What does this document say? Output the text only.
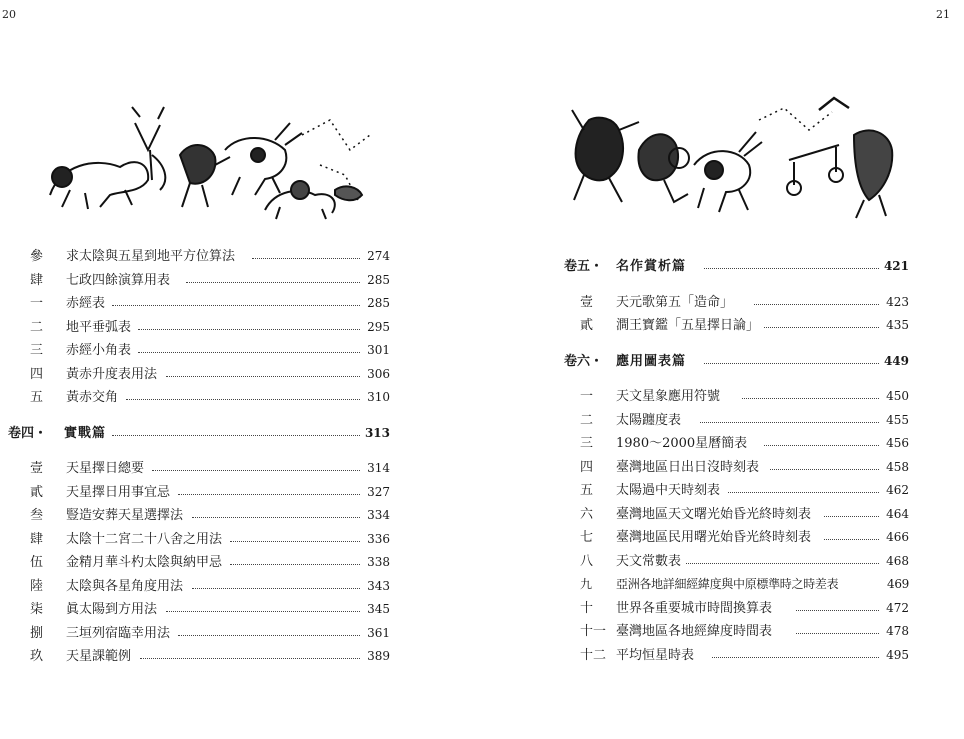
20
參 求太陰與五星到地平方位算法	274
肆 七政四餘演算用表	285
一 赤經表	285
二 地平垂弧表	295
三 赤經小角表	301
四 黃赤升度表用法	306
五 黃赤交角	310
卷四・ 實戰篇	313
壹 天星擇日總要	314
貳 天星擇日用事宜忌	327
叁 豎造安葬天星選擇法	334
肆 太陰十二宮二十八舍之用法	336
伍 金精月華斗杓太陰與納甲忌	338
陸 太陰與各星角度用法	343
柒 眞太陽到方用法	345
捌 三垣列宿臨幸用法	361
玖 天星課範例	389
21
卷五・ 名作賞析篇	421
壹 天元歌第五「造命」	423
貳 澗王寶鑑「五星擇日論」	435
卷六・ 應用圖表篇	449
一 天文星象應用符號	450
二 太陽躔度表	455
三 1980～2000星曆簡表	456
四 臺灣地區日出日沒時刻表	458
五 太陽過中天時刻表	462
六 臺灣地區天文曙光始昏光終時刻表	464
七 臺灣地區民用曙光始昏光終時刻表	466
八 天文常數表	468
九 亞洲各地詳細經緯度與中原標準時之時差表	469
十 世界各重要城市時間換算表	472
十一 臺灣地區各地經緯度時間表	478
十二 平均恒星時表	495
